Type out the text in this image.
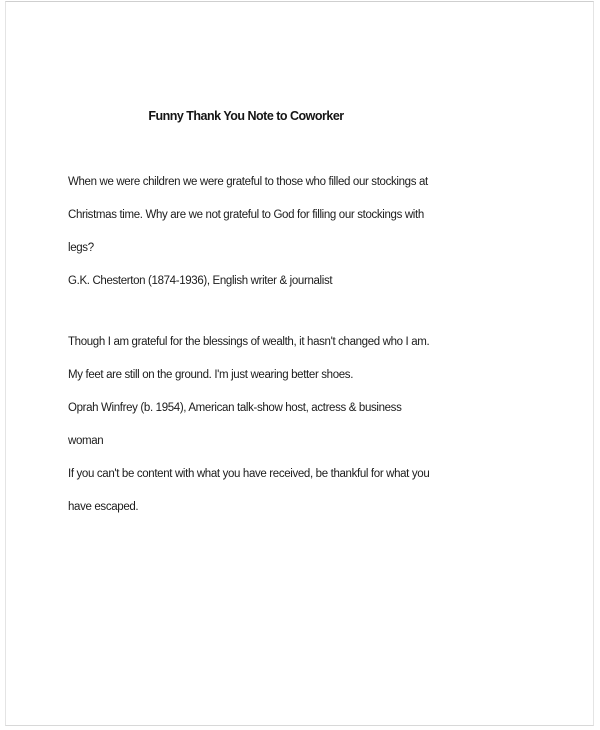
Funny Thank You Note to Coworker
When we were children we were grateful to those who filled our stockings at
Christmas time. Why are we not grateful to God for filling our stockings with
legs?
G.K. Chesterton (1874-1936), English writer & journalist
Though I am grateful for the blessings of wealth, it hasn't changed who I am.
My feet are still on the ground. I'm just wearing better shoes.
Oprah Winfrey (b. 1954), American talk-show host, actress & business
woman
If you can't be content with what you have received, be thankful for what you
have escaped.
